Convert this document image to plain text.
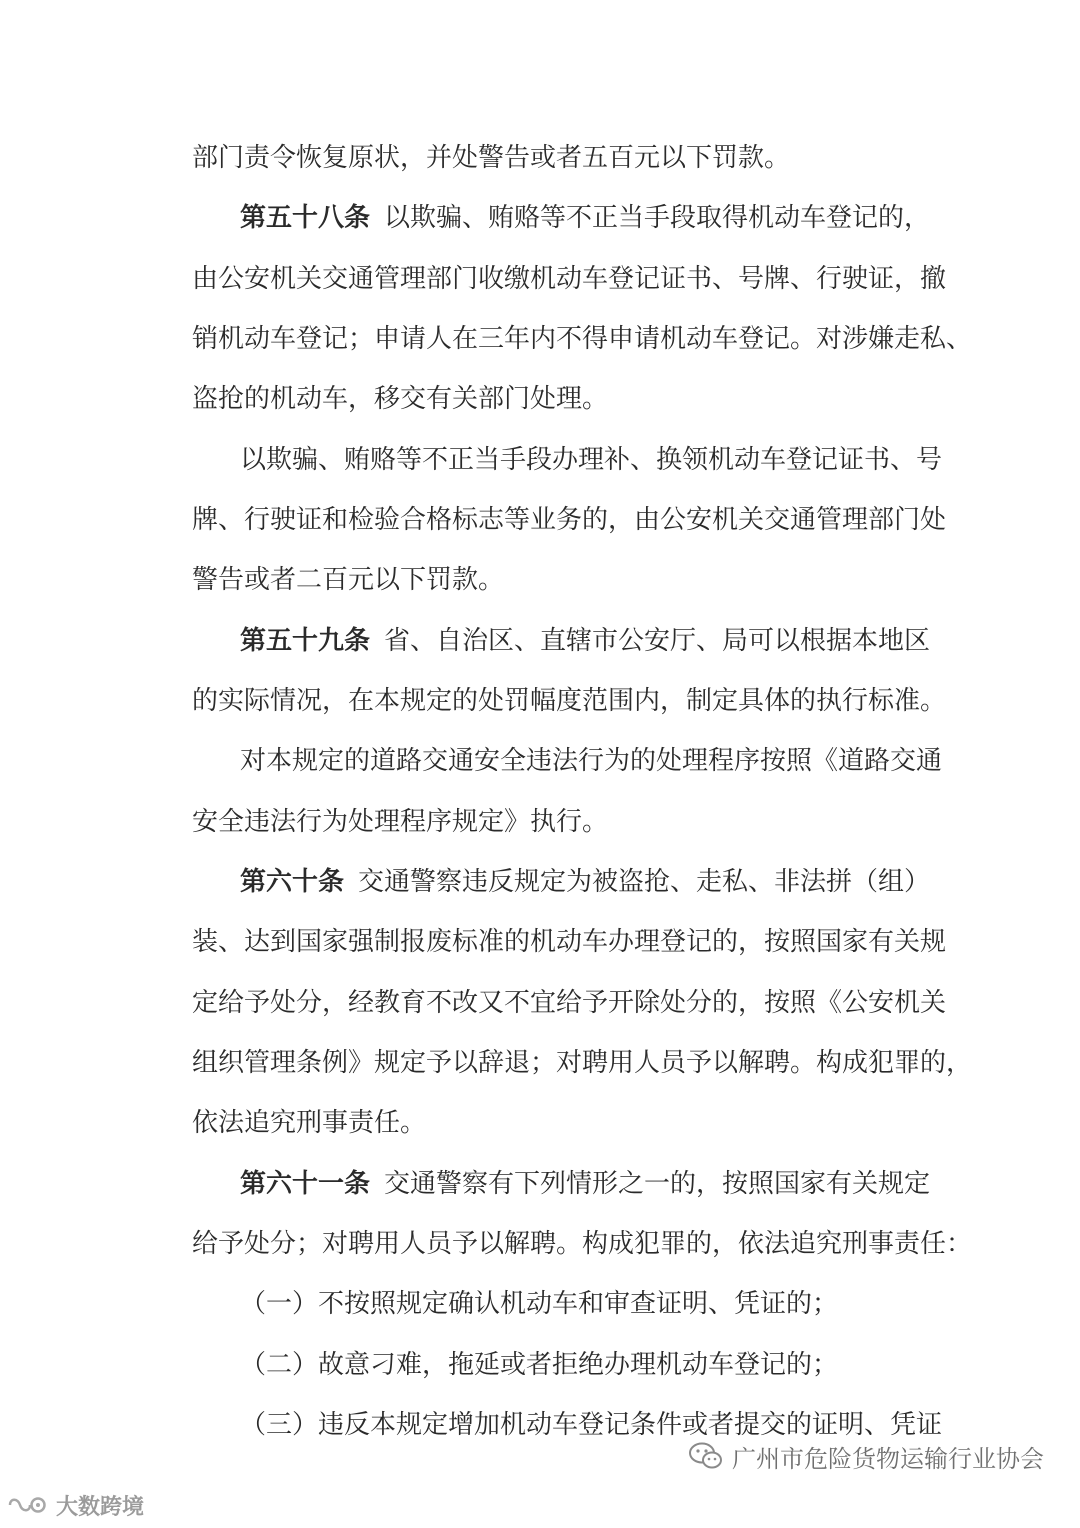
部门责令恢复原状，并处警告或者五百元以下罚款。
第五十八条 以欺骗、贿赂等不正当手段取得机动车登记的，
由公安机关交通管理部门收缴机动车登记证书、号牌、行驶证，撤
销机动车登记；申请人在三年内不得申请机动车登记。对涉嫌走私、
盗抢的机动车，移交有关部门处理。
以欺骗、贿赂等不正当手段办理补、换领机动车登记证书、号
牌、行驶证和检验合格标志等业务的，由公安机关交通管理部门处
警告或者二百元以下罚款。
第五十九条 省、自治区、直辖市公安厅、局可以根据本地区
的实际情况，在本规定的处罚幅度范围内，制定具体的执行标准。
对本规定的道路交通安全违法行为的处理程序按照《道路交通
安全违法行为处理程序规定》执行。
第六十条 交通警察违反规定为被盗抢、走私、非法拼（组）
装、达到国家强制报废标准的机动车办理登记的，按照国家有关规
定给予处分，经教育不改又不宜给予开除处分的，按照《公安机关
组织管理条例》规定予以辞退；对聘用人员予以解聘。构成犯罪的，
依法追究刑事责任。
第六十一条 交通警察有下列情形之一的，按照国家有关规定
给予处分；对聘用人员予以解聘。构成犯罪的，依法追究刑事责任：
（一）不按照规定确认机动车和审查证明、凭证的；
（二）故意刁难，拖延或者拒绝办理机动车登记的；
（三）违反本规定增加机动车登记条件或者提交的证明、凭证
广州市危险货物运输行业协会
大数跨境
